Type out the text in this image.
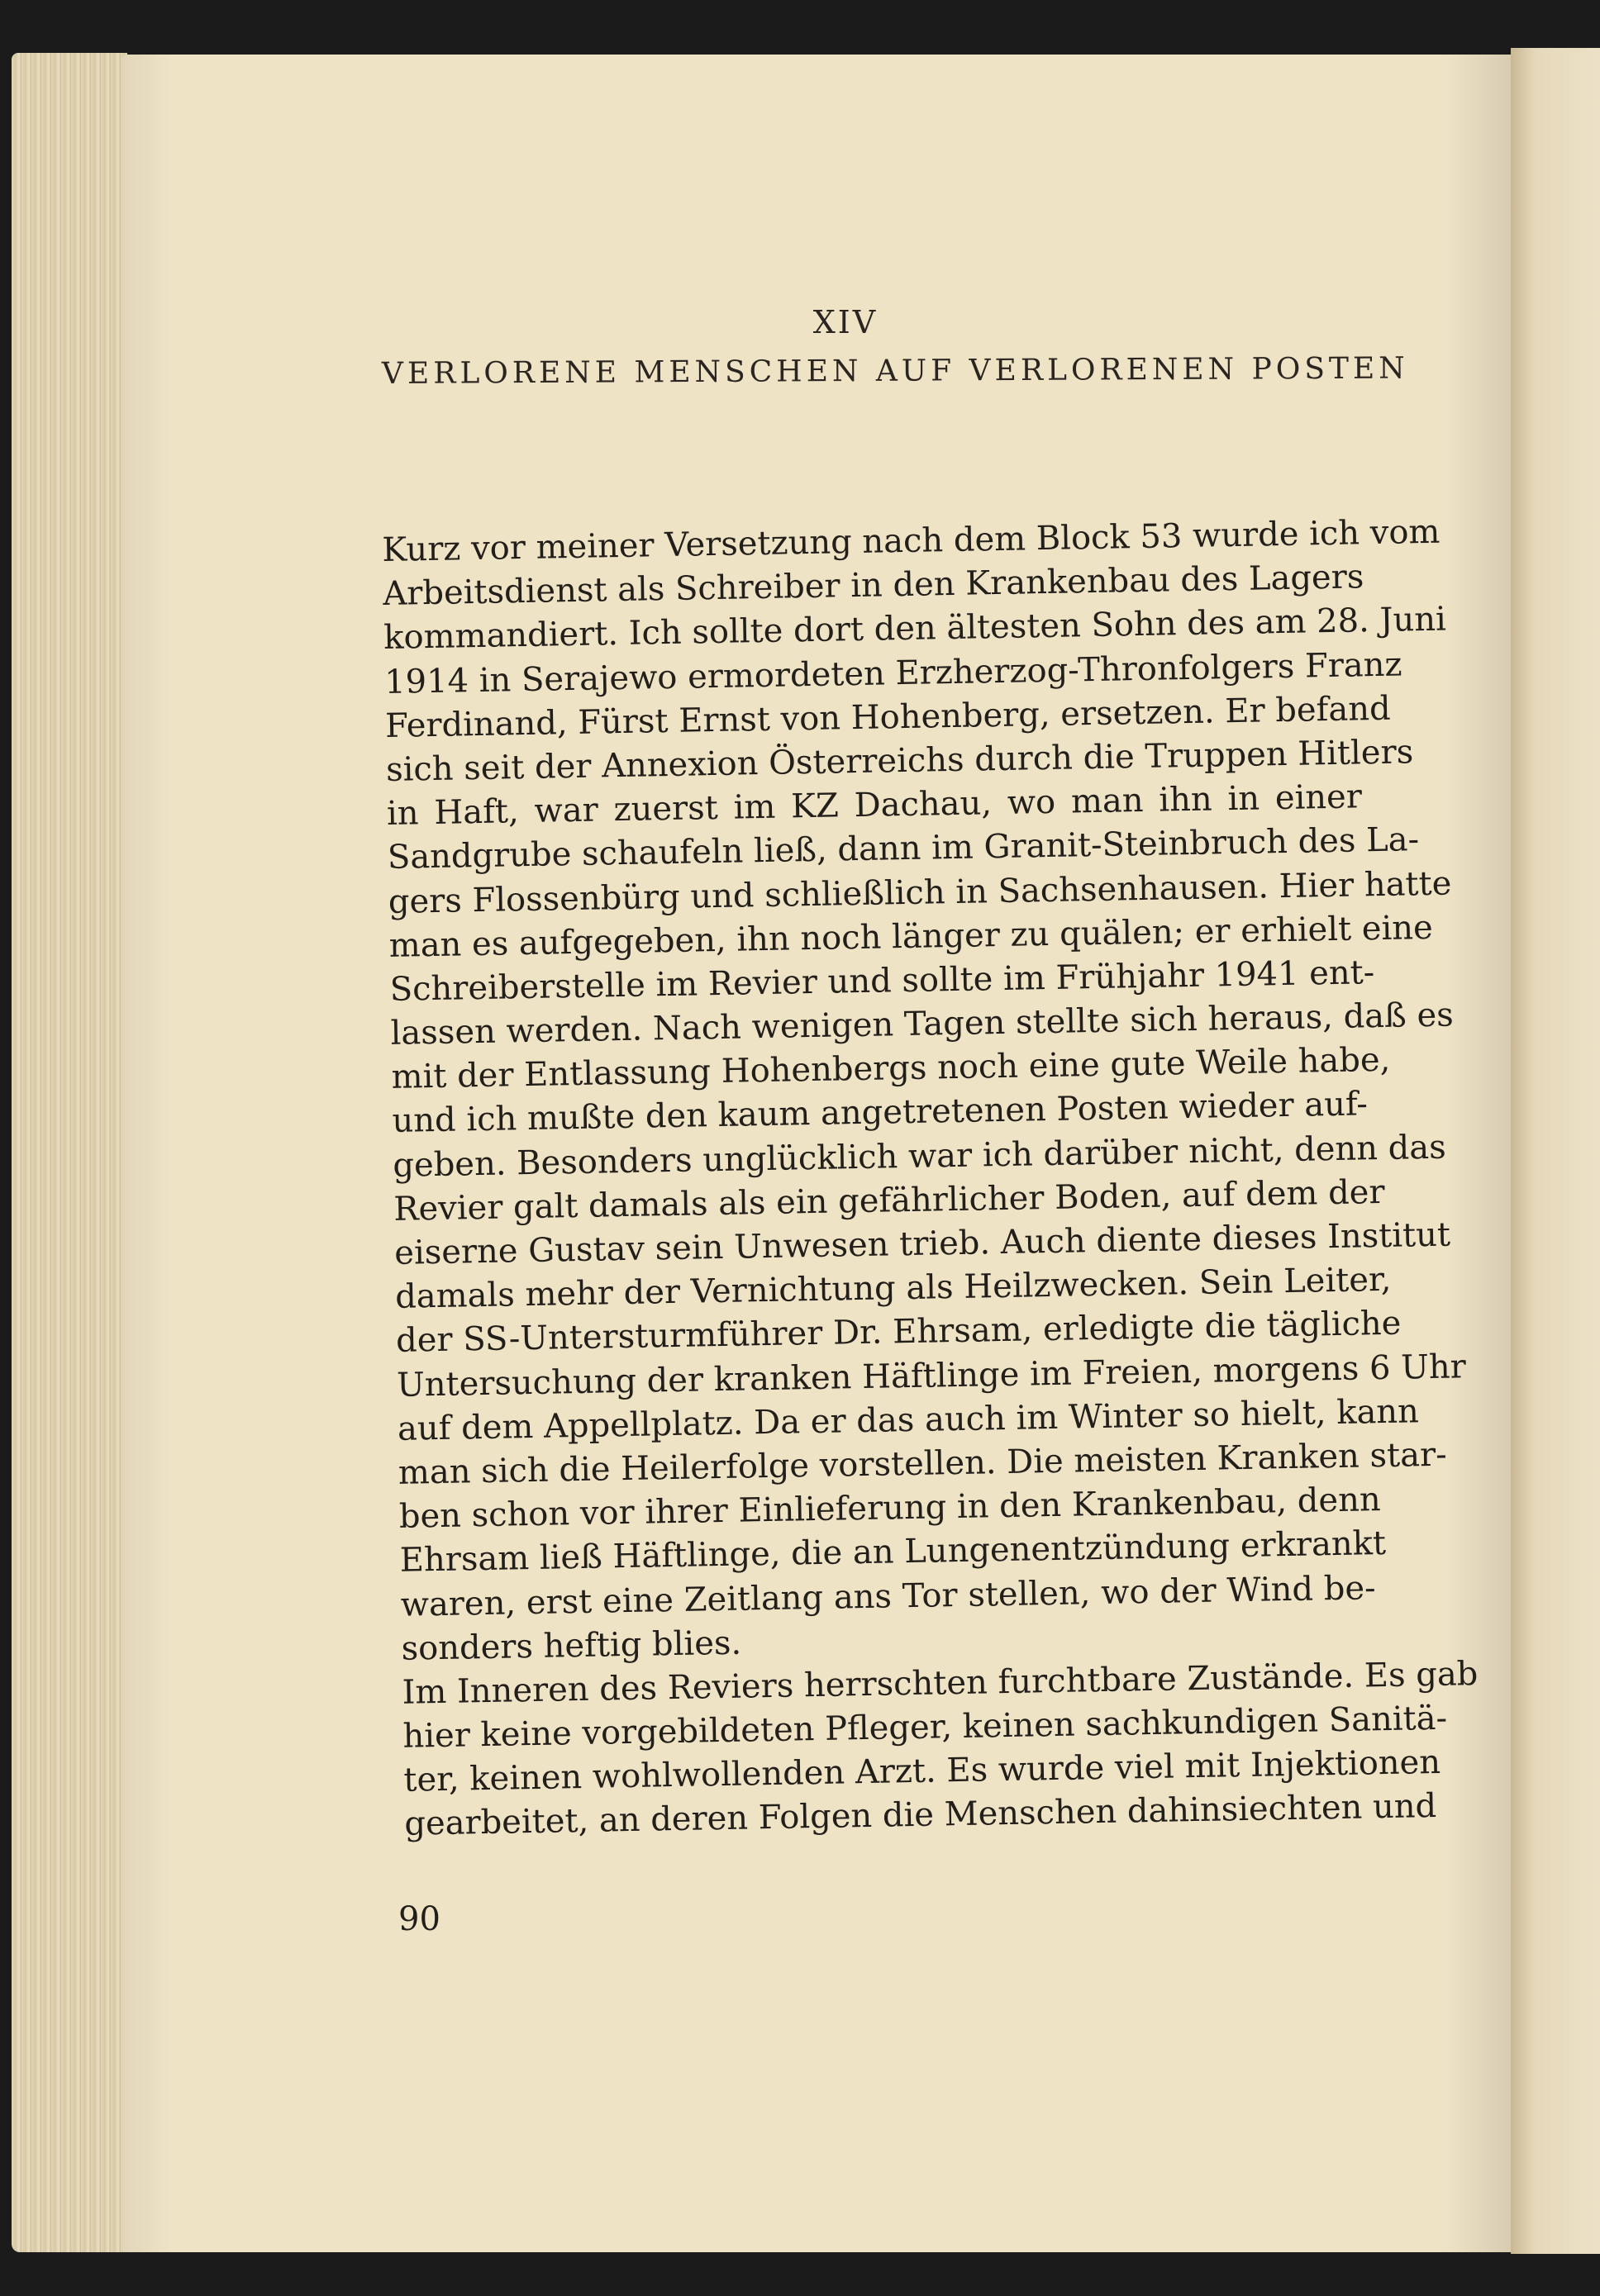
XIV
VERLORENE MENSCHEN AUF VERLORENEN POSTEN
Kurz vor meiner Versetzung nach dem Block 53 wurde ich vom
Arbeitsdienst als Schreiber in den Krankenbau des Lagers
kommandiert. Ich sollte dort den ältesten Sohn des am 28. Juni
1914 in Serajewo ermordeten Erzherzog-Thronfolgers Franz
Ferdinand, Fürst Ernst von Hohenberg, ersetzen. Er befand
sich seit der Annexion Österreichs durch die Truppen Hitlers
in Haft, war zuerst im KZ Dachau, wo man ihn in einer
Sandgrube schaufeln ließ, dann im Granit-Steinbruch des La-
gers Flossenbürg und schließlich in Sachsenhausen. Hier hatte
man es aufgegeben, ihn noch länger zu quälen; er erhielt eine
Schreiberstelle im Revier und sollte im Frühjahr 1941 ent-
lassen werden. Nach wenigen Tagen stellte sich heraus, daß es
mit der Entlassung Hohenbergs noch eine gute Weile habe,
und ich mußte den kaum angetretenen Posten wieder auf-
geben. Besonders unglücklich war ich darüber nicht, denn das
Revier galt damals als ein gefährlicher Boden, auf dem der
eiserne Gustav sein Unwesen trieb. Auch diente dieses Institut
damals mehr der Vernichtung als Heilzwecken. Sein Leiter,
der SS-Untersturmführer Dr. Ehrsam, erledigte die tägliche
Untersuchung der kranken Häftlinge im Freien, morgens 6 Uhr
auf dem Appellplatz. Da er das auch im Winter so hielt, kann
man sich die Heilerfolge vorstellen. Die meisten Kranken star-
ben schon vor ihrer Einlieferung in den Krankenbau, denn
Ehrsam ließ Häftlinge, die an Lungenentzündung erkrankt
waren, erst eine Zeitlang ans Tor stellen, wo der Wind be-
sonders heftig blies.
Im Inneren des Reviers herrschten furchtbare Zustände. Es gab
hier keine vorgebildeten Pfleger, keinen sachkundigen Sanitä-
ter, keinen wohlwollenden Arzt. Es wurde viel mit Injektionen
gearbeitet, an deren Folgen die Menschen dahinsiechten und
90
